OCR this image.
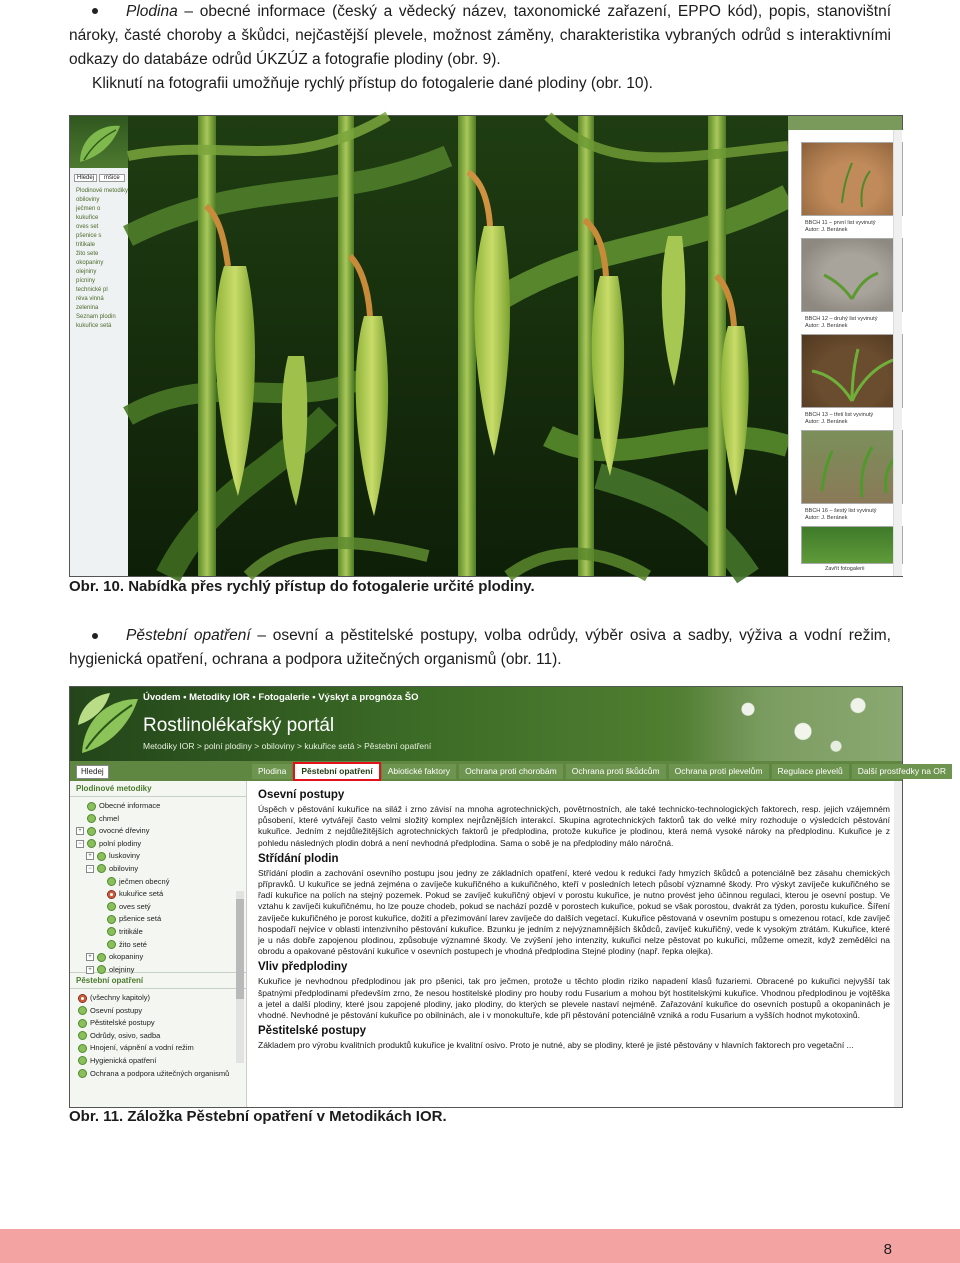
Plodina – obecné informace (český a vědecký název, taxonomické zařazení, EPPO kód), popis, stanovištní nároky, časté choroby a škůdci, nejčastější plevele, možnost záměny, charakteristika vybraných odrůd s interaktivními odkazy do databáze odrůd ÚKZÚZ a fotografie plodiny (obr. 9).
Kliknutí na fotografii umožňuje rychlý přístup do fotogalerie dané plodiny (obr. 10).
Hledej	mšice
Plodinové metodiky
obiloviny
ječmen o
kukuřice
oves set
pšenice s
tritikale
žito sete
okopaniny
olejniny
pícniny
technické pl
réva vinná
zelenina
Seznam plodin
kukuřice setá
BBCH 11 – první list vyvinutý
Autor: J. Beránek
BBCH 12 – druhý list vyvinutý
Autor: J. Beránek
BBCH 13 – třetí list vyvinutý
Autor: J. Beránek
BBCH 16 – šestý list vyvinutý
Autor: J. Beránek
Zavřít fotogalerii
Obr. 10. Nabídka přes rychlý přístup do fotogalerie určité plodiny.
Pěstební opatření – osevní a pěstitelské postupy, volba odrůdy, výběr osiva a sadby, výživa a vodní režim, hygienická opatření, ochrana a podpora užitečných organismů (obr. 11).
Úvodem • Metodiky IOR • Fotogalerie • Výskyt a prognóza ŠO
Rostlinolékařský portál
Metodiky IOR > polní plodiny > obiloviny > kukuřice setá > Pěstební opatření
Hledej	Plodina	Pěstební opatření	Abiotické faktory	Ochrana proti chorobám	Ochrana proti škůdcům	Ochrana proti plevelům	Regulace plevelů	Další prostředky na OR
Plodinové metodiky
Obecné informace
chmel
+ ovocné dřeviny
− polní plodiny
+ luskoviny
− obiloviny
ječmen obecný
kukuřice setá
oves setý
pšenice setá
tritikále
žito seté
+ okopaniny
+ olejniny
Pěstební opatření
(všechny kapitoly)
Osevní postupy
Pěstitelské postupy
Odrůdy, osivo, sadba
Hnojení, vápnění a vodní režim
Hygienická opatření
Ochrana a podpora užitečných organismů
Osevní postupy
Úspěch v pěstování kukuřice na siláž i zrno závisí na mnoha agrotechnických, povětrnostních, ale také technicko-technologických faktorech, resp. jejich vzájemném působení, které vytvářejí často velmi složitý komplex nejrůznějších interakcí. Skupina agrotechnických faktorů tak do velké míry rozhoduje o výsledcích pěstování kukuřice. Jedním z nejdůležitějších agrotechnických faktorů je předplodina, protože kukuřice je plodinou, která nemá vysoké nároky na předplodinu. Kukuřice je z pohledu následných plodin dobrá a není nevhodná předplodina. Sama o sobě je na předplodiny málo náročná.
Střídání plodin
Střídání plodin a zachování osevního postupu jsou jedny ze základních opatření, které vedou k redukci řady hmyzích škůdců a potenciálně bez zásahu chemických přípravků. U kukuřice se jedná zejména o zavíječe kukuřičného a kukuřičného, kteří v posledních letech působí významné škody. Pro výskyt zavíječe kukuřičného se řadí kukuřice na polích na stejný pozemek. Pokud se zavíječ kukuřičný objeví v porostu kukuřice, je nutno provést jeho účinnou regulaci, kterou je osevní postup. Ve vztahu k zavíječi kukuřičnému, ho lze pouze chodeb, pokud se nachází pozdě v porostech kukuřice, pokud se však porostou, dvakrát za týden, porostu kukuřice. Šíření zavíječe kukuřičného je porost kukuřice, dožití a přezimování larev zavíječe do dalších vegetací. Kukuřice pěstovaná v osevním postupu s omezenou rotací, kde zavíječ hospodaří nejvíce v oblasti intenzivního pěstování kukuřice. Bzunku je jedním z nejvýznamnějších škůdců, zavíječ kukuřičný, vede k vysokým ztrátám. Kukuřice, které je u nás dobře zapojenou plodinou, způsobuje významné škody. Ve zvýšení jeho intenzity, kukuřici nelze pěstovat po kukuřici, můžeme omezit, když zemědělci na obrodu a opakované pěstování kukuřice v osevních postupech je vhodná předplodina Stejné plodiny (např. řepka olejka).
Vliv předplodiny
Kukuřice je nevhodnou předplodinou jak pro pšenici, tak pro ječmen, protože u těchto plodin riziko napadení klasů fuzariemi. Obracené po kukuřici nejvyšší tak špatnými předplodinami především zrno, že nesou hostitelské plodiny pro houby rodu Fusarium a mohou být hostitelskými kukuřice. Vhodnou předplodinou je vojtěška a jetel a další plodiny, které jsou zapojené plodiny, jako plodiny, do kterých se plevele nastaví nejméně. Zařazování kukuřice do osevních postupů a okopaninách je vhodné. Nevhodné je pěstování kukuřice po obilninách, ale i v monokultuře, kde při pěstování potenciálně vzniká a rodu Fusarium a vyšších hodnot mykotoxinů.
Pěstitelské postupy
Základem pro výrobu kvalitních produktů kukuřice je kvalitní osivo. Proto je nutné, aby se plodiny, které je jisté pěstovány v hlavních faktorech pro vegetační ...
Obr. 11. Záložka Pěstební opatření v Metodikách IOR.
8
